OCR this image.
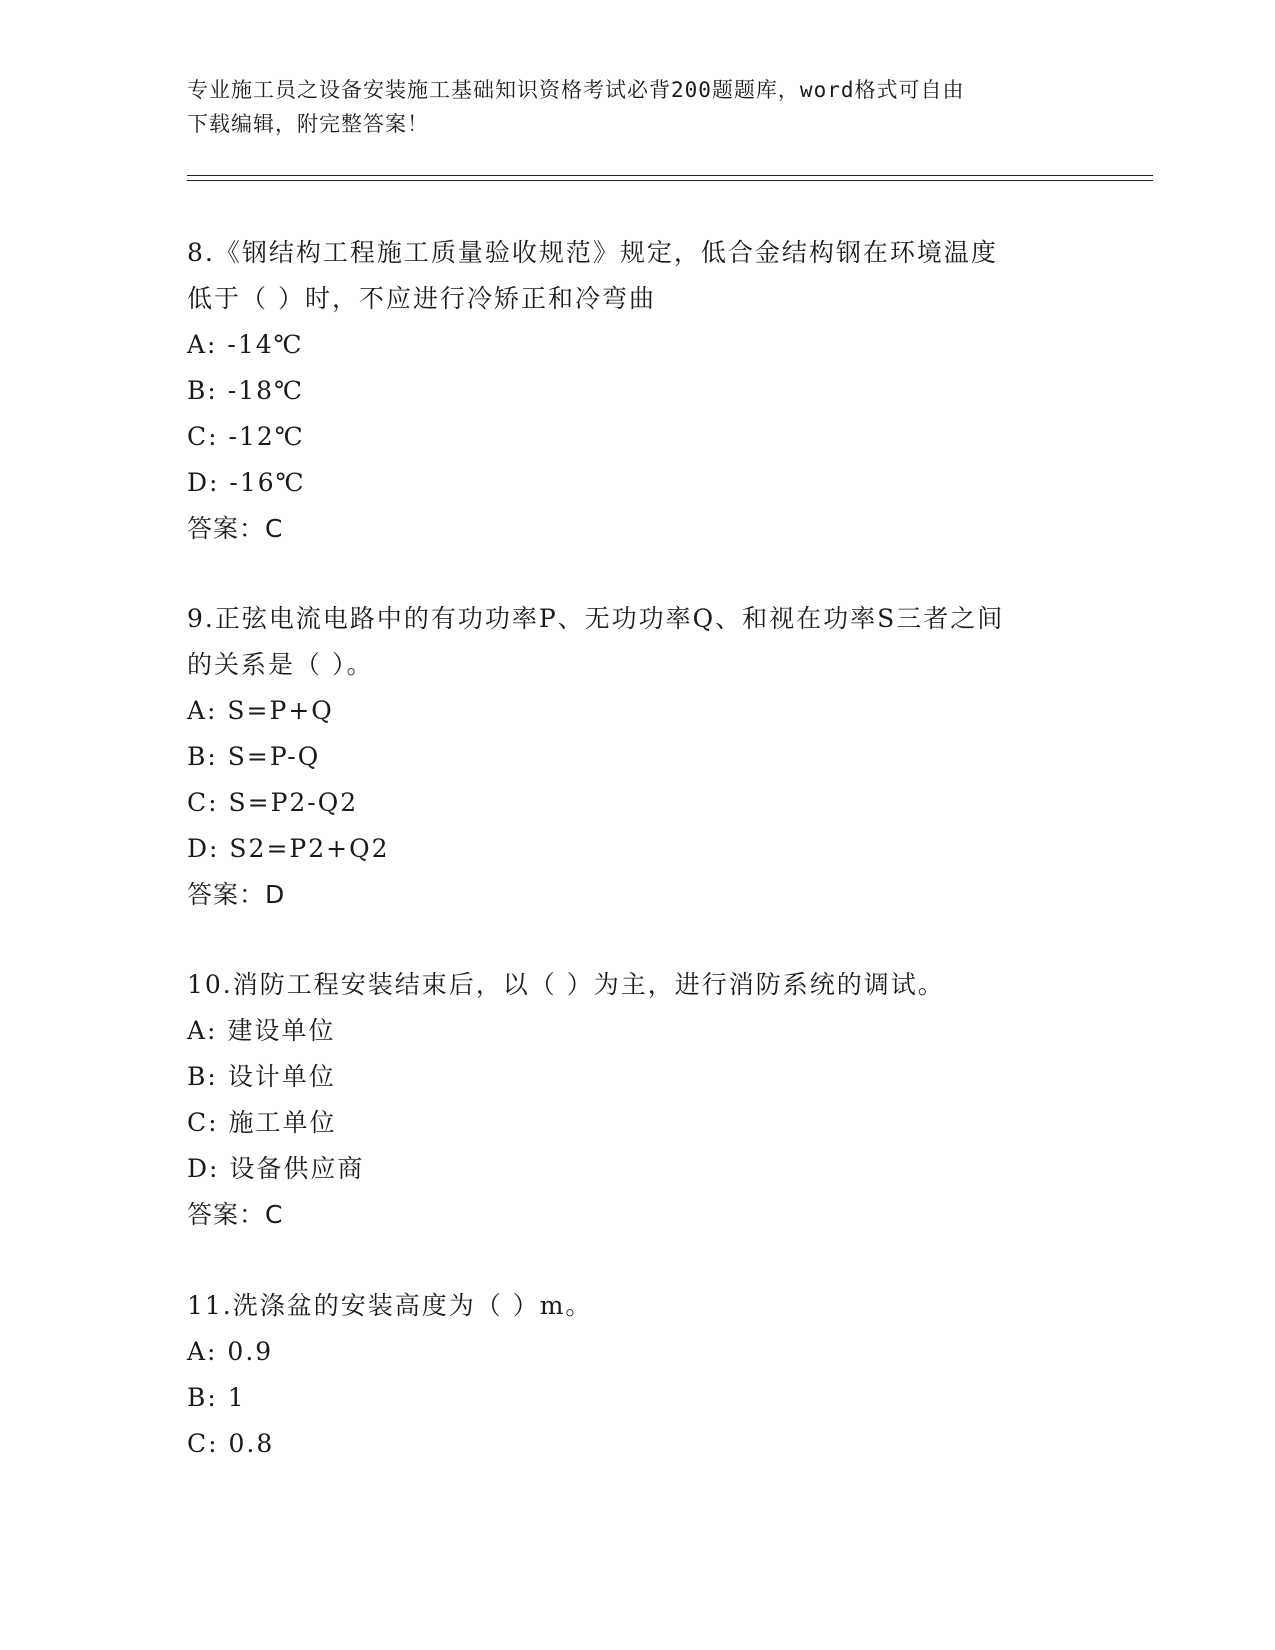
专业施工员之设备安装施工基础知识资格考试必背200题题库，word格式可自由
下载编辑，附完整答案！
8.《钢结构工程施工质量验收规范》规定，低合金结构钢在环境温度
低于（ ）时，不应进行冷矫正和冷弯曲
A: -14℃
B: -18℃
C: -12℃
D: -16℃
答案：C
9.正弦电流电路中的有功功率P、无功功率Q、和视在功率S三者之间
的关系是（ ）。
A: S=P+Q
B: S=P-Q
C: S=P2-Q2
D: S2=P2+Q2
答案：D
10.消防工程安装结束后，以（ ）为主，进行消防系统的调试。
A: 建设单位
B: 设计单位
C: 施工单位
D: 设备供应商
答案：C
11.洗涤盆的安装高度为（ ）m。
A: 0.9
B: 1
C: 0.8
